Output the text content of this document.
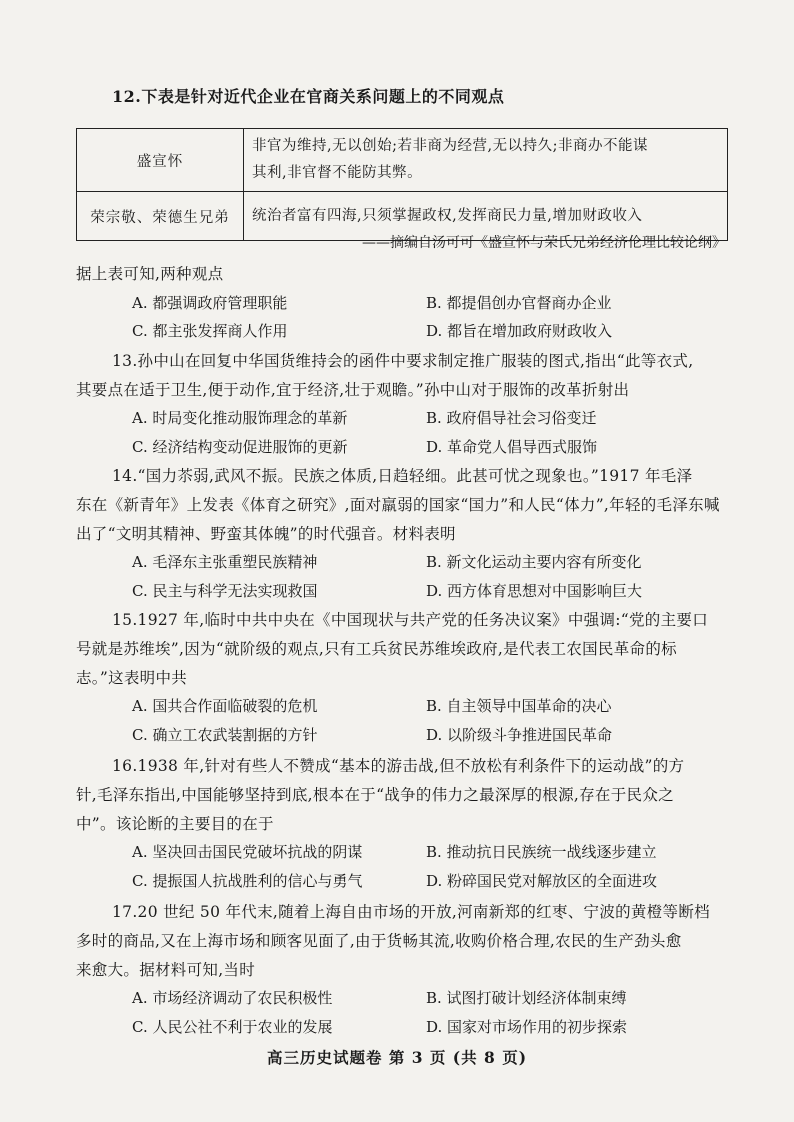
12.下表是针对近代企业在官商关系问题上的不同观点
盛宣怀	非官为维持,无以创始;若非商为经营,无以持久;非商办不能谋
其利,非官督不能防其弊。

荣宗敬、荣德生兄弟	统治者富有四海,只须掌握政权,发挥商民力量,增加财政收入
——摘编自汤可可《盛宣怀与荣氏兄弟经济伦理比较论纲》
据上表可知,两种观点
A. 都强调政府管理职能	B. 都提倡创办官督商办企业
C. 都主张发挥商人作用	D. 都旨在增加政府财政收入
13.孙中山在回复中华国货维持会的函件中要求制定推广服装的图式,指出“此等衣式,
其要点在适于卫生,便于动作,宜于经济,壮于观瞻。”孙中山对于服饰的改革折射出
A. 时局变化推动服饰理念的革新	B. 政府倡导社会习俗变迁
C. 经济结构变动促进服饰的更新	D. 革命党人倡导西式服饰
14.“国力苶弱,武风不振。民族之体质,日趋轻细。此甚可忧之现象也。”1917 年毛泽
东在《新青年》上发表《体育之研究》,面对羸弱的国家“国力”和人民“体力”,年轻的毛泽东喊
出了“文明其精神、野蛮其体魄”的时代强音。材料表明
A. 毛泽东主张重塑民族精神	B. 新文化运动主要内容有所变化
C. 民主与科学无法实现救国	D. 西方体育思想对中国影响巨大
15.1927 年,临时中共中央在《中国现状与共产党的任务决议案》中强调:“党的主要口
号就是苏维埃”,因为“就阶级的观点,只有工兵贫民苏维埃政府,是代表工农国民革命的标
志。”这表明中共
A. 国共合作面临破裂的危机	B. 自主领导中国革命的决心
C. 确立工农武装割据的方针	D. 以阶级斗争推进国民革命
16.1938 年,针对有些人不赞成“基本的游击战,但不放松有利条件下的运动战”的方
针,毛泽东指出,中国能够坚持到底,根本在于“战争的伟力之最深厚的根源,存在于民众之
中”。该论断的主要目的在于
A. 坚决回击国民党破坏抗战的阴谋	B. 推动抗日民族统一战线逐步建立
C. 提振国人抗战胜利的信心与勇气	D. 粉碎国民党对解放区的全面进攻
17.20 世纪 50 年代末,随着上海自由市场的开放,河南新郑的红枣、宁波的黄橙等断档
多时的商品,又在上海市场和顾客见面了,由于货畅其流,收购价格合理,农民的生产劲头愈
来愈大。据材料可知,当时
A. 市场经济调动了农民积极性	B. 试图打破计划经济体制束缚
C. 人民公社不利于农业的发展	D. 国家对市场作用的初步探索
高三历史试题卷 第 3 页 (共 8 页)
